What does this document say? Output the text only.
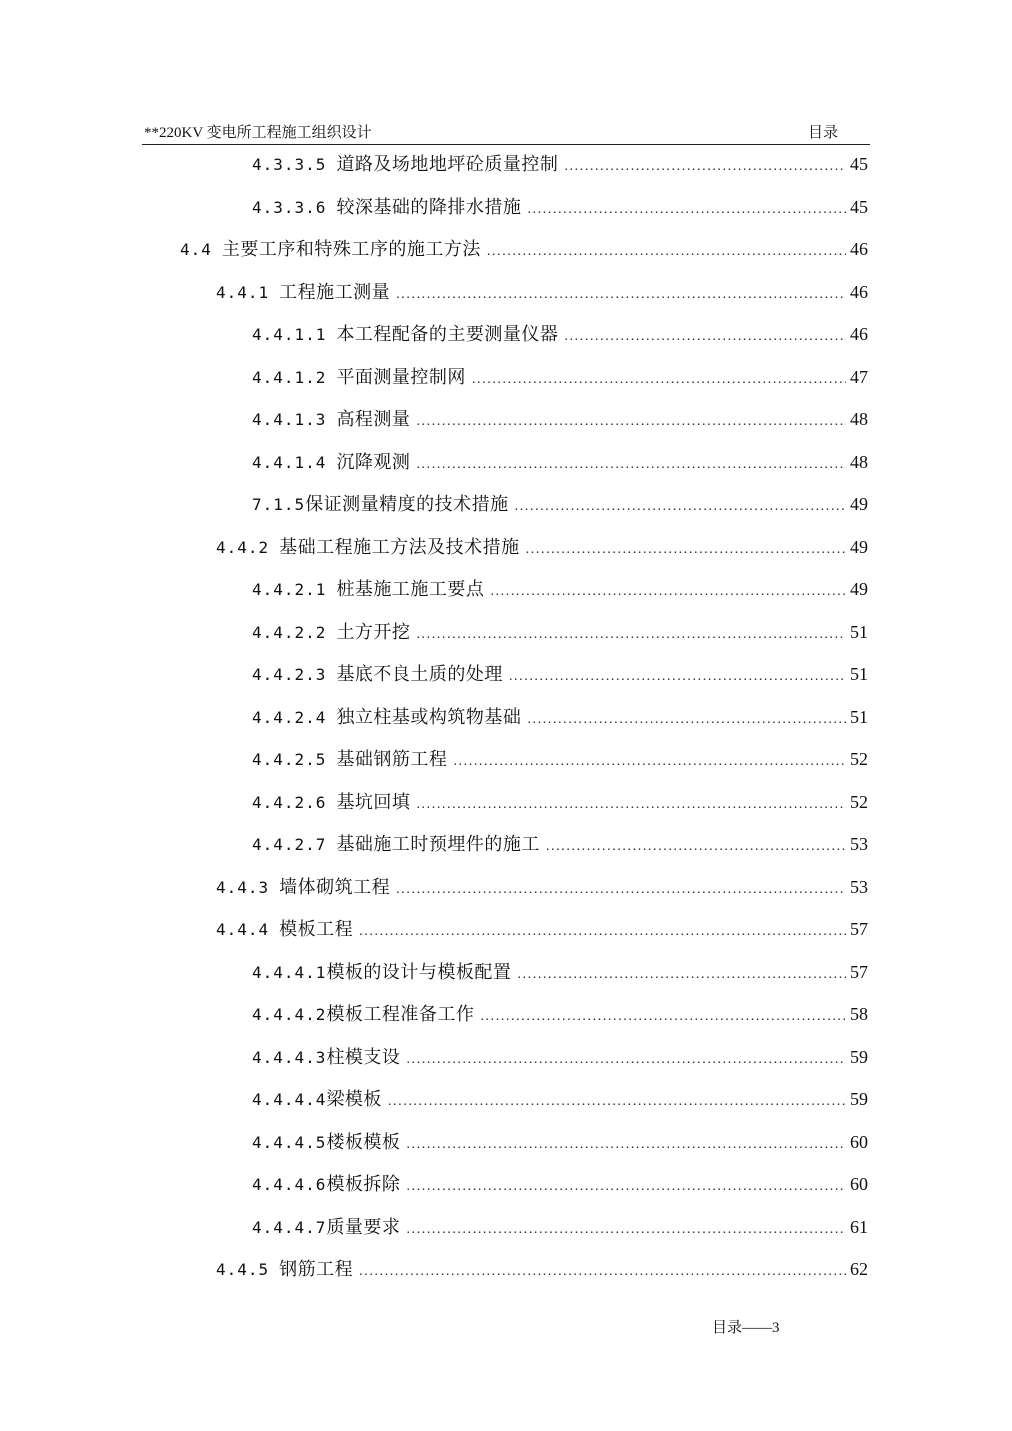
**220KV 变电所工程施工组织设计	目录
4.3.3.5 道路及场地地坪砼质量控制 .....	45
4.3.3.6 较深基础的降排水措施 .....	45
4.4 主要工序和特殊工序的施工方法 .....	46
4.4.1 工程施工测量 .....	46
4.4.1.1 本工程配备的主要测量仪器 .....	46
4.4.1.2 平面测量控制网 .....	47
4.4.1.3 高程测量 .....	48
4.4.1.4 沉降观测 .....	48
7.1.5 保证测量精度的技术措施 .....	49
4.4.2 基础工程施工方法及技术措施 .....	49
4.4.2.1 桩基施工施工要点 .....	49
4.4.2.2 土方开挖 .....	51
4.4.2.3 基底不良土质的处理 .....	51
4.4.2.4 独立柱基或构筑物基础 .....	51
4.4.2.5 基础钢筋工程 .....	52
4.4.2.6 基坑回填 .....	52
4.4.2.7 基础施工时预埋件的施工 .....	53
4.4.3 墙体砌筑工程 .....	53
4.4.4 模板工程 .....	57
4.4.4.1 模板的设计与模板配置 .....	57
4.4.4.2 模板工程准备工作 .....	58
4.4.4.3 柱模支设 .....	59
4.4.4.4 梁模板 .....	59
4.4.4.5 楼板模板 .....	60
4.4.4.6 模板拆除 .....	60
4.4.4.7 质量要求 .....	61
4.4.5 钢筋工程 .....	62
目录——3
